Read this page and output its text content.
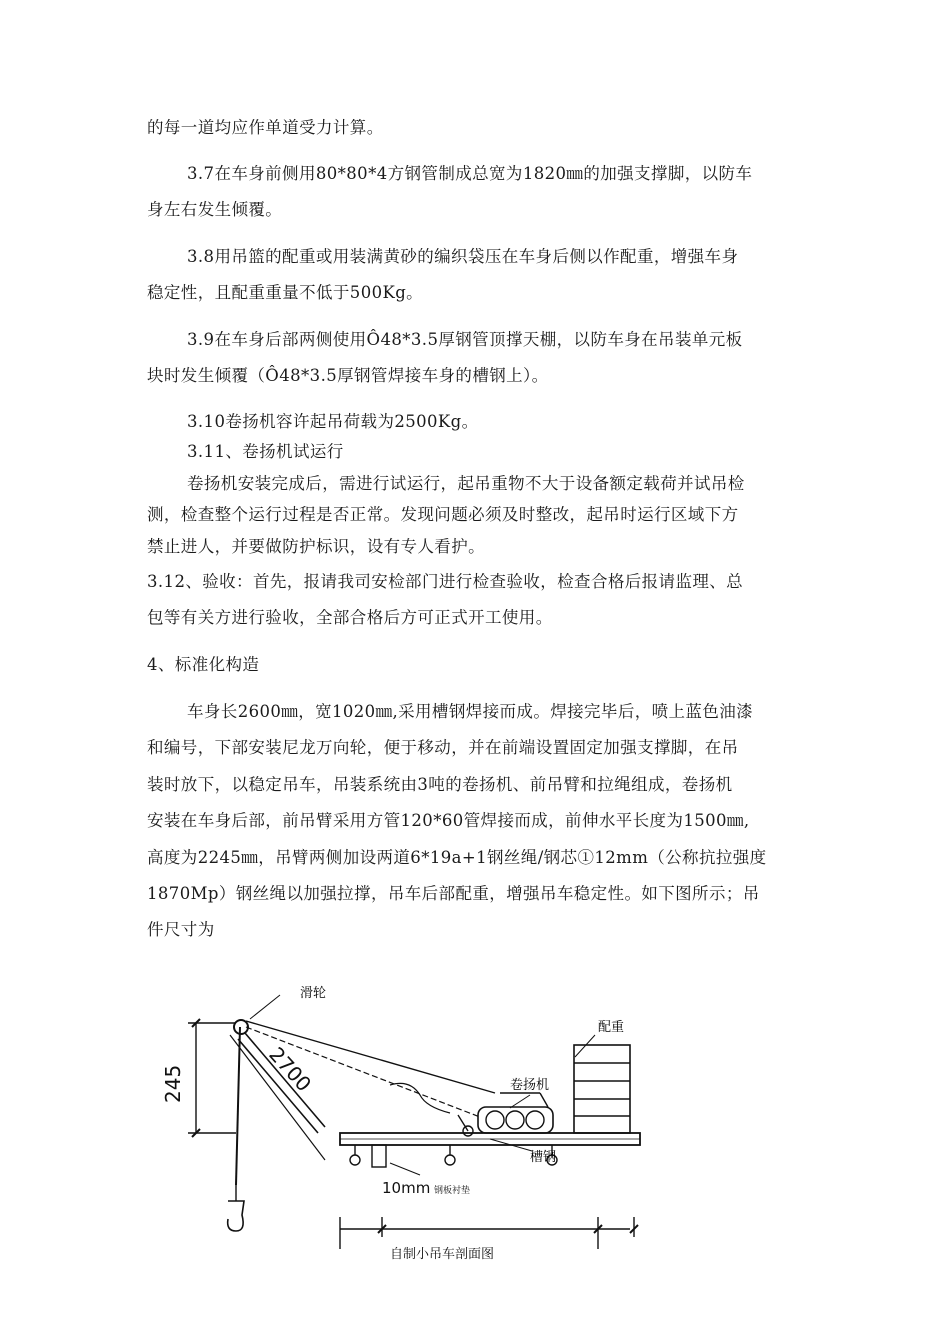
的每一道均应作单道受力计算。

3.7在车身前侧用80*80*4方钢管制成总宽为1820㎜的加强支撑脚，以防车

身左右发生倾覆。

3.8用吊篮的配重或用装满黄砂的编织袋压在车身后侧以作配重，增强车身

稳定性，且配重重量不低于500Kg。

3.9在车身后部两侧使用Ô48*3.5厚钢管顶撑天棚，以防车身在吊装单元板

块时发生倾覆（Ô48*3.5厚钢管焊接车身的槽钢上）。

3.10卷扬机容许起吊荷载为2500Kg。

3.11、卷扬机试运行

卷扬机安装完成后，需进行试运行，起吊重物不大于设备额定载荷并试吊检

测，检查整个运行过程是否正常。发现问题必须及时整改，起吊时运行区域下方

禁止进人，并要做防护标识，设有专人看护。

3.12、验收：首先，报请我司安检部门进行检查验收，检查合格后报请监理、总

包等有关方进行验收，全部合格后方可正式开工使用。

4、标准化构造

车身长2600㎜，宽1020㎜,采用槽钢焊接而成。焊接完毕后，喷上蓝色油漆

和编号，下部安装尼龙万向轮，便于移动，并在前端设置固定加强支撑脚，在吊

装时放下，以稳定吊车，吊装系统由3吨的卷扬机、前吊臂和拉绳组成，卷扬机

安装在车身后部，前吊臂采用方管120*60管焊接而成，前伸水平长度为1500㎜,

高度为2245㎜，吊臂两侧加设两道6*19a+1钢丝绳/钢芯①12mm（公称抗拉强度

1870Mp）钢丝绳以加强拉撑，吊车后部配重，增强吊车稳定性。如下图所示；吊

件尺寸为

滑轮
配重
卷扬机
槽钢
245	2700
10mm 钢板衬垫
自制小吊车剖面图
